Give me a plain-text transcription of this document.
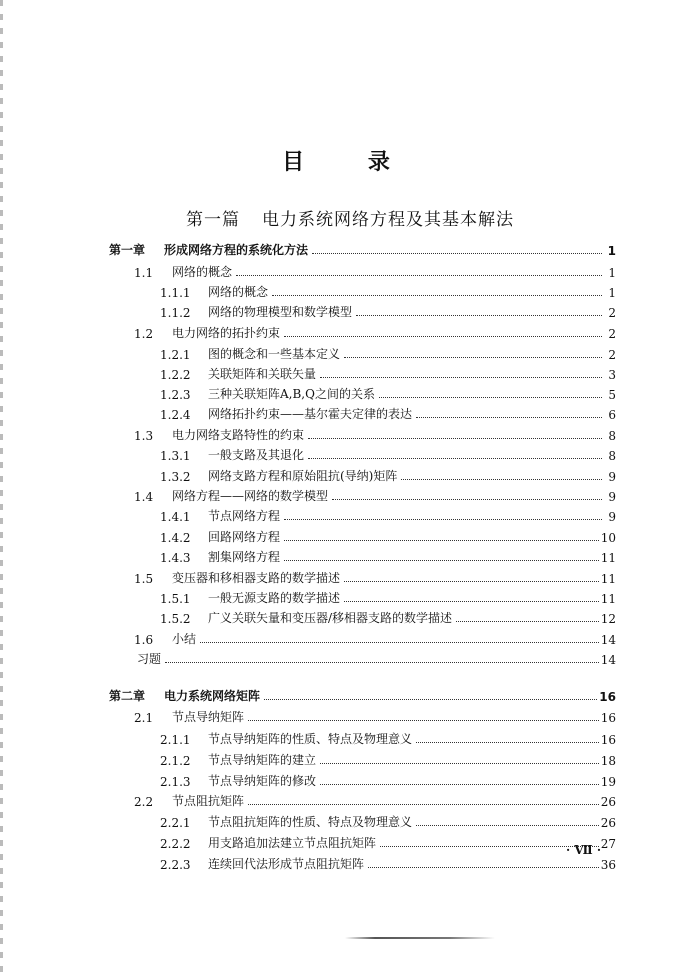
目 录
第一篇 电力系统网络方程及其基本解法
第一章	形成网络方程的系统化方法	1
1.1	网络的概念	1
1.1.1	网络的概念	1
1.1.2	网络的物理模型和数学模型	2
1.2	电力网络的拓扑约束	2
1.2.1	图的概念和一些基本定义	2
1.2.2	关联矩阵和关联矢量	3
1.2.3	三种关联矩阵A,B,Q之间的关系	5
1.2.4	网络拓扑约束——基尔霍夫定律的表达	6
1.3	电力网络支路特性的约束	8
1.3.1	一般支路及其退化	8
1.3.2	网络支路方程和原始阻抗(导纳)矩阵	9
1.4	网络方程——网络的数学模型	9
1.4.1	节点网络方程	9
1.4.2	回路网络方程	10
1.4.3	割集网络方程	11
1.5	变压器和移相器支路的数学描述	11
1.5.1	一般无源支路的数学描述	11
1.5.2	广义关联矢量和变压器/移相器支路的数学描述	12
1.6	小结	14
习题	14
第二章	电力系统网络矩阵	16
2.1	节点导纳矩阵	16
2.1.1	节点导纳矩阵的性质、特点及物理意义	16
2.1.2	节点导纳矩阵的建立	18
2.1.3	节点导纳矩阵的修改	19
2.2	节点阻抗矩阵	26
2.2.1	节点阻抗矩阵的性质、特点及物理意义	26
2.2.2	用支路追加法建立节点阻抗矩阵	27
2.2.3	连续回代法形成节点阻抗矩阵	36
· Ⅶ ·
